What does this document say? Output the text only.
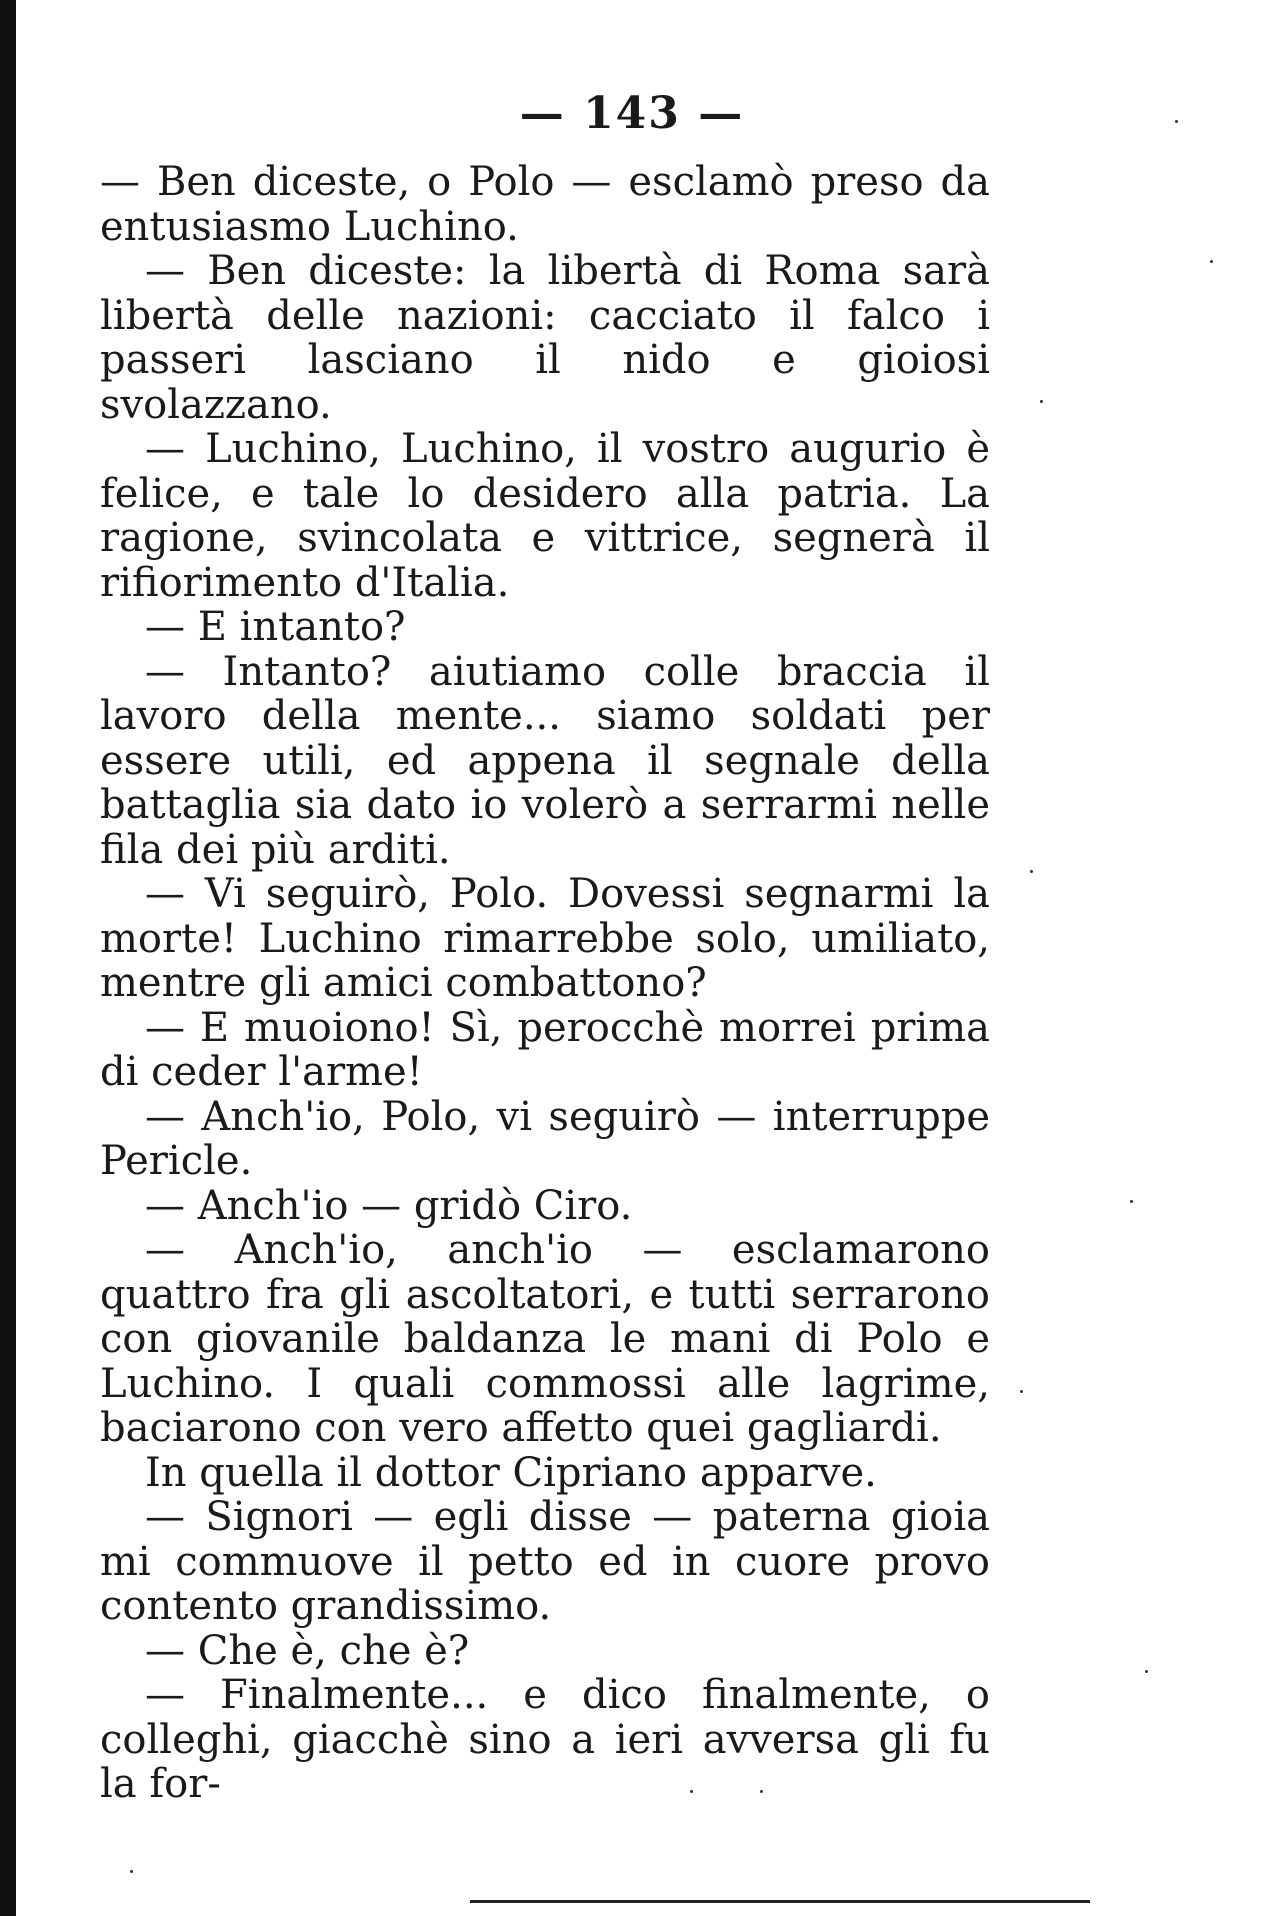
— 143 —

— Ben diceste, o Polo — esclamò preso da entusiasmo Luchino.

— Ben diceste: la libertà di Roma sarà libertà delle nazioni: cacciato il falco i passeri lasciano il nido e gioiosi svolazzano.

— Luchino, Luchino, il vostro augurio è felice, e tale lo desidero alla patria. La ragione, svincolata e vittrice, segnerà il rifiorimento d'Italia.

— E intanto?

— Intanto? aiutiamo colle braccia il lavoro della mente... siamo soldati per essere utili, ed appena il segnale della battaglia sia dato io volerò a serrarmi nelle fila dei più arditi.

— Vi seguirò, Polo. Dovessi segnarmi la morte! Luchino rimarrebbe solo, umiliato, mentre gli amici combattono?

— E muoiono! Sì, perocchè morrei prima di ceder l'arme!

— Anch'io, Polo, vi seguirò — interruppe Pericle.

— Anch'io — gridò Ciro.

— Anch'io, anch'io — esclamarono quattro fra gli ascoltatori, e tutti serrarono con giovanile baldanza le mani di Polo e Luchino. I quali commossi alle lagrime, baciarono con vero affetto quei gagliardi.

In quella il dottor Cipriano apparve.

— Signori — egli disse — paterna gioia mi commuove il petto ed in cuore provo contento grandissimo.

— Che è, che è?

— Finalmente... e dico finalmente, o colleghi, giacchè sino a ieri avversa gli fu la for-
